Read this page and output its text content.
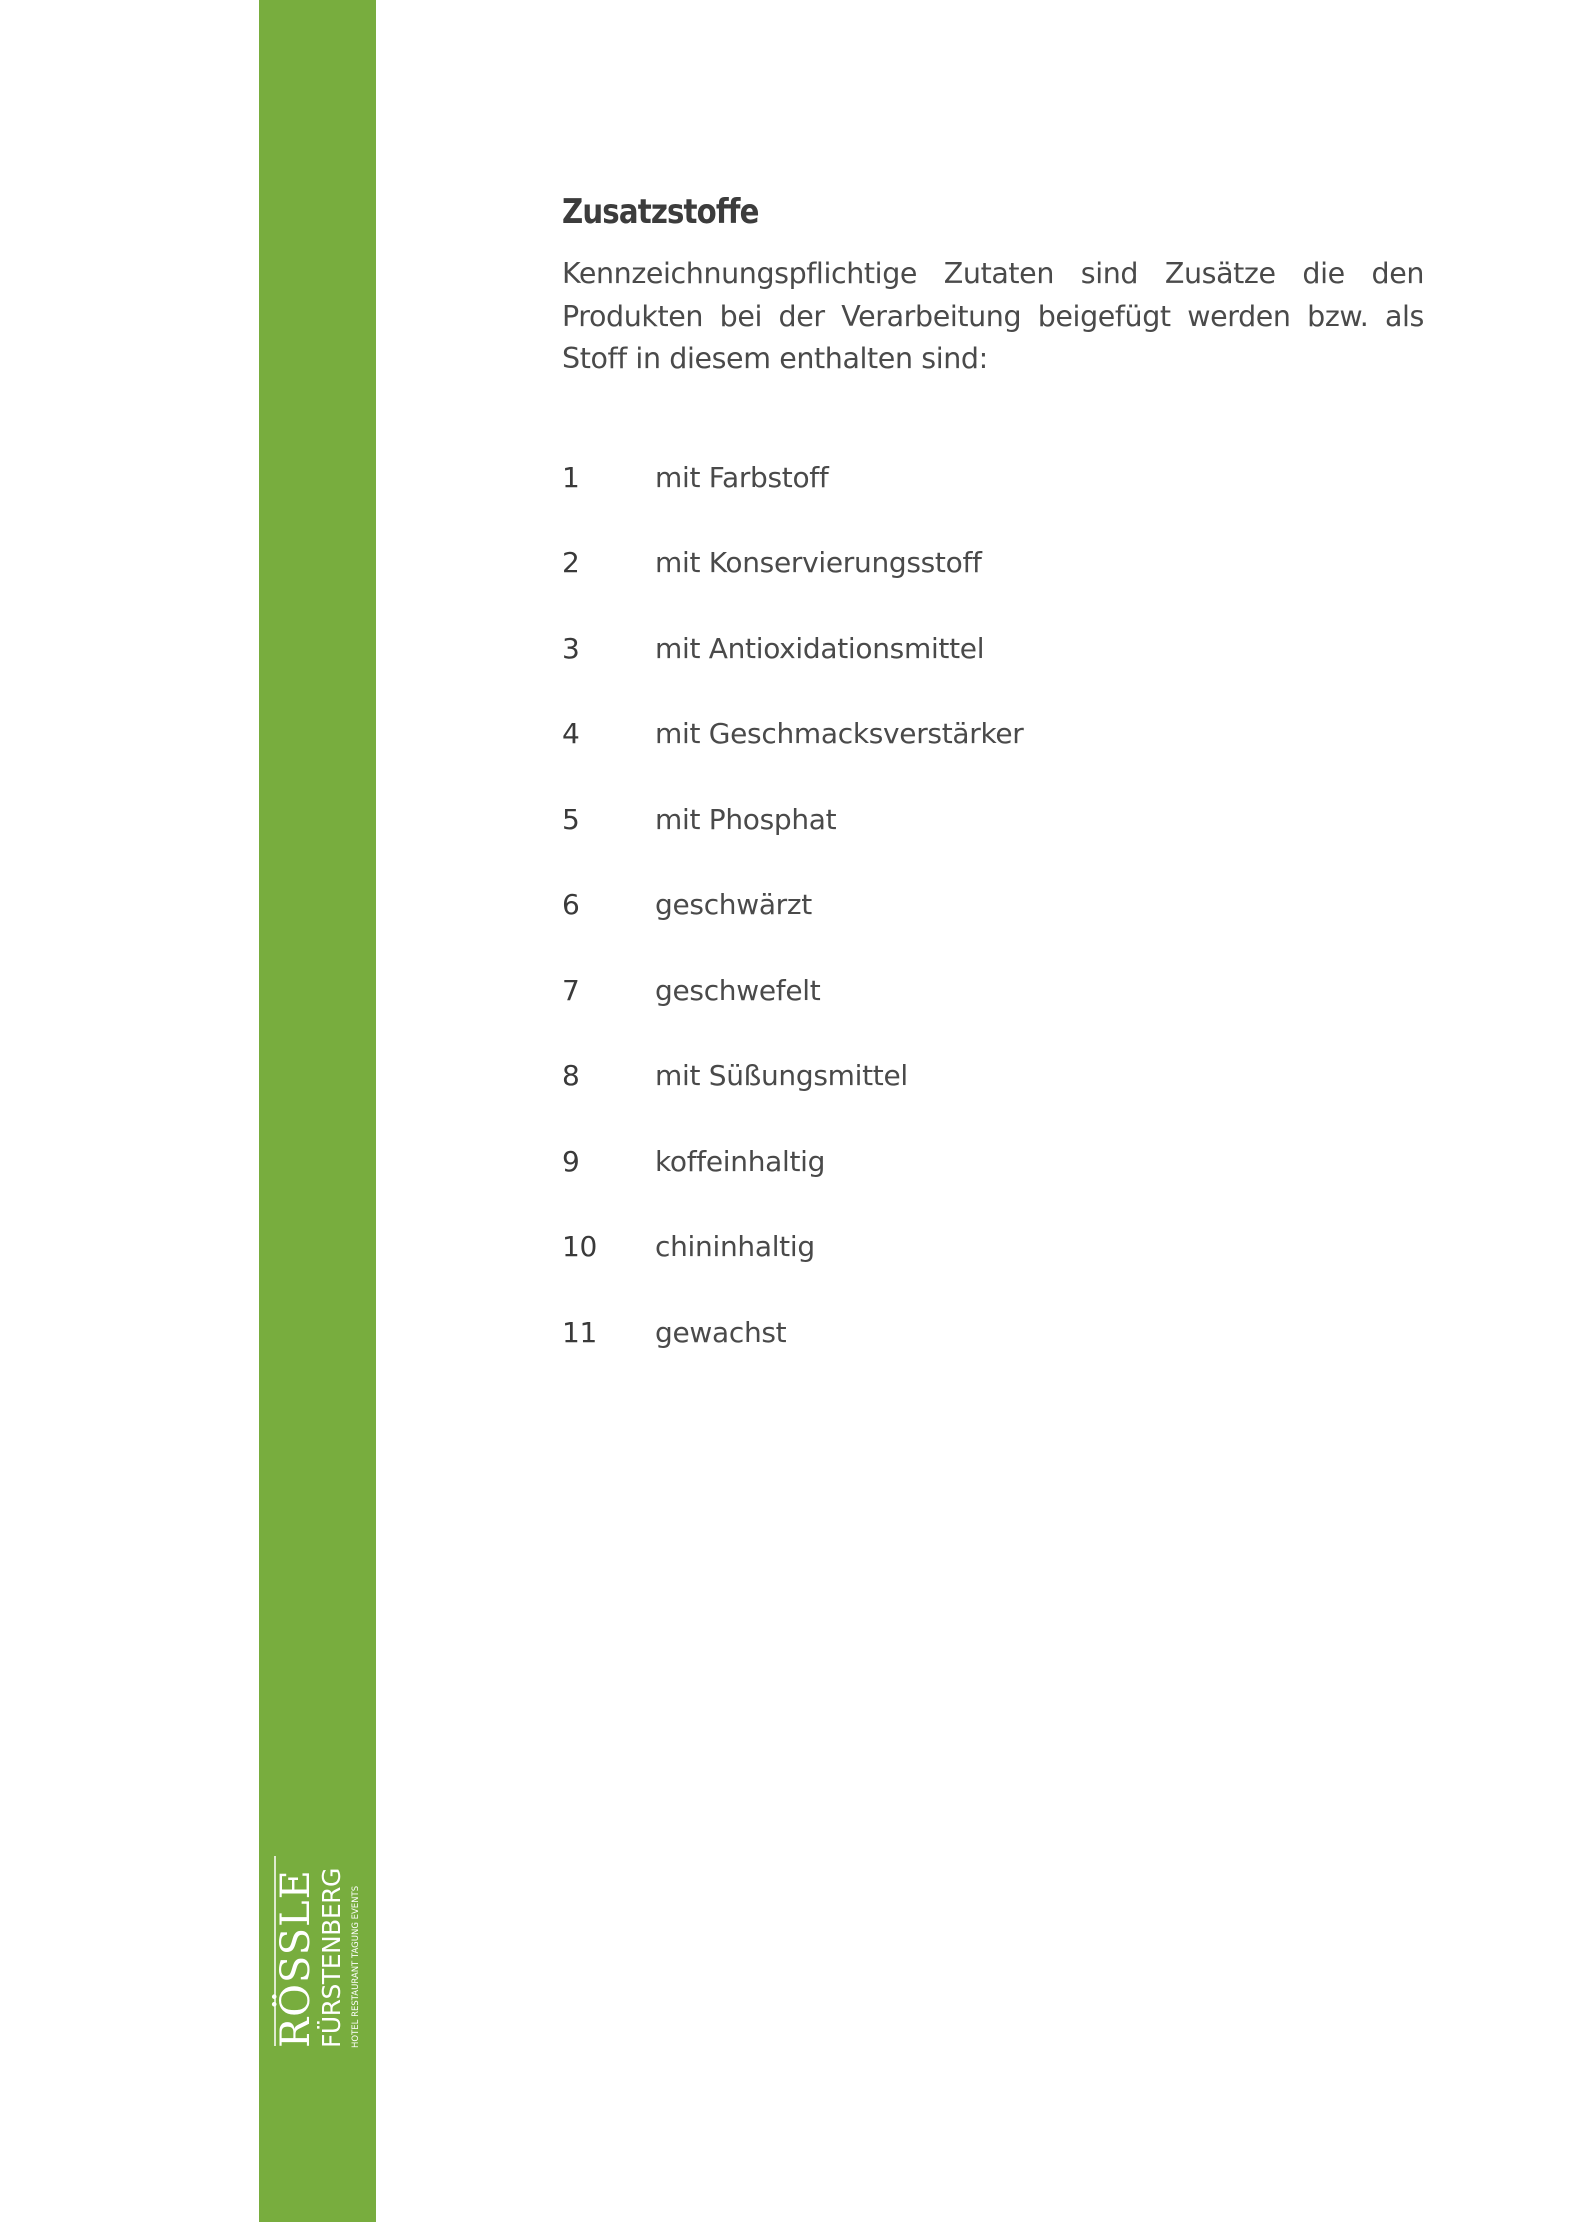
RÖSSLE
FÜRSTENBERG HOTEL RESTAURANT TAGUNG EVENTS
Zusatzstoffe

Kennzeichnungspflichtige Zutaten sind Zusätze die den Produkten bei der Verarbeitung beigefügt werden bzw. als Stoff in diesem enthalten sind:

1	mit Farbstoff
2	mit Konservierungsstoff
3	mit Antioxidationsmittel
4	mit Geschmacksverstärker
5	mit Phosphat
6	geschwärzt
7	geschwefelt
8	mit Süßungsmittel
9	koffeinhaltig
10	chininhaltig
11	gewachst
